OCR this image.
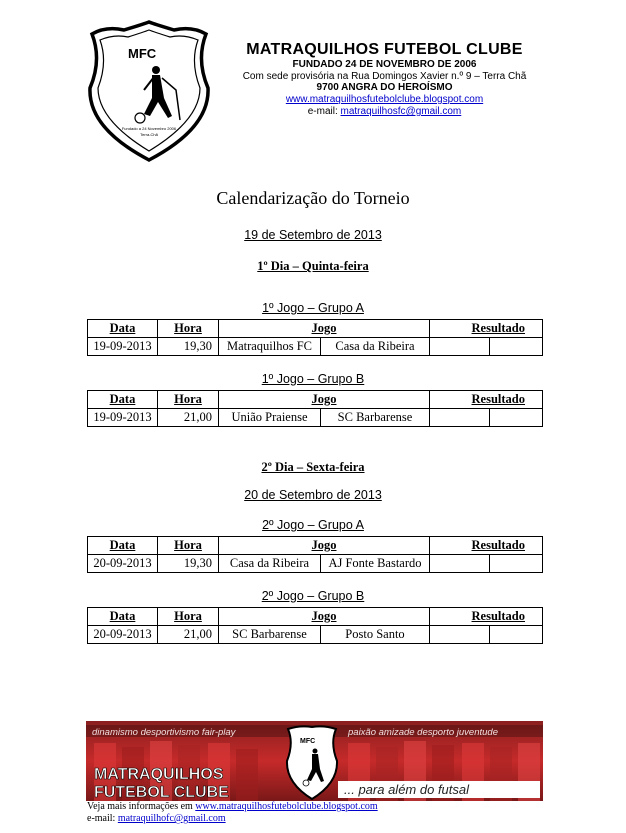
MFC
Fundado a 24 Novembro 2006
Terra-Chã
MATRAQUILHOS FUTEBOL CLUBE
FUNDADO 24 DE NOVEMBRO DE 2006
Com sede provisória na Rua Domingos Xavier n.º 9 – Terra Chã
9700 ANGRA DO HEROÍSMO
www.matraquilhosfutebolclube.blogspot.com
e-mail: matraquilhosfc@gmail.com
Calendarização do Torneio
19 de Setembro de 2013
1º Dia – Quinta-feira
1º Jogo – Grupo A
Data	Hora	Jogo		Resultado	
19-09-2013	19,30	Matraquilhos FC	Casa da Ribeira		
1º Jogo – Grupo B
Data	Hora	Jogo		Resultado	
19-09-2013	21,00	União Praiense	SC Barbarense		
2º Dia – Sexta-feira
20 de Setembro de 2013
2º Jogo – Grupo A
Data	Hora	Jogo		Resultado	
20-09-2013	19,30	Casa da Ribeira	AJ Fonte Bastardo		
2º Jogo – Grupo B
Data	Hora	Jogo		Resultado	
20-09-2013	21,00	SC Barbarense	Posto Santo		
dinamismo desportivismo fair-play	paixão amizade desporto juventude
MFC
MATRAQUILHOS
FUTEBOL CLUBE	... para além do futsal
Veja mais informações em www.matraquilhosfutebolclube.blogspot.com
e-mail: matraquilhofc@gmail.com
